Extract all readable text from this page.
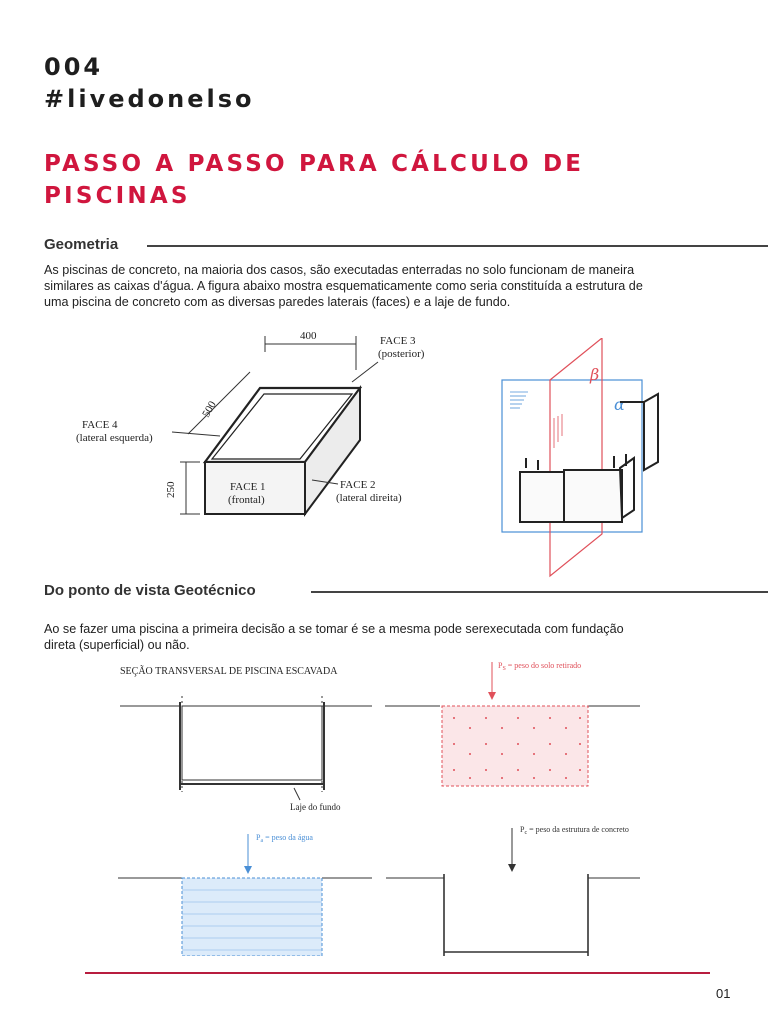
004
#livedonelso
PASSO A PASSO PARA CÁLCULO DE
PISCINAS
Geometria
As piscinas de concreto, na maioria dos casos, são executadas enterradas no solo funcionam de maneira
similares as caixas d'água. A figura abaixo mostra esquematicamente como seria constituída a estrutura de
uma piscina de concreto com as diversas paredes laterais (faces) e a laje de fundo.
400	FACE 3
(posterior)
500
FACE 4
(lateral esquerda)
FACE 1
(frontal)
FACE 2
(lateral direita)
250
α
β
Do ponto de vista Geotécnico
Ao se fazer uma piscina a primeira decisão a se tomar é se a mesma pode serexecutada com fundação
direta (superficial) ou não.
SEÇÃO TRANSVERSAL DE PISCINA ESCAVADA
Laje do fundo
$P_S$ = peso do solo retirado
$P_a$ = peso da água
$P_c$ = peso da estrutura de concreto
01
